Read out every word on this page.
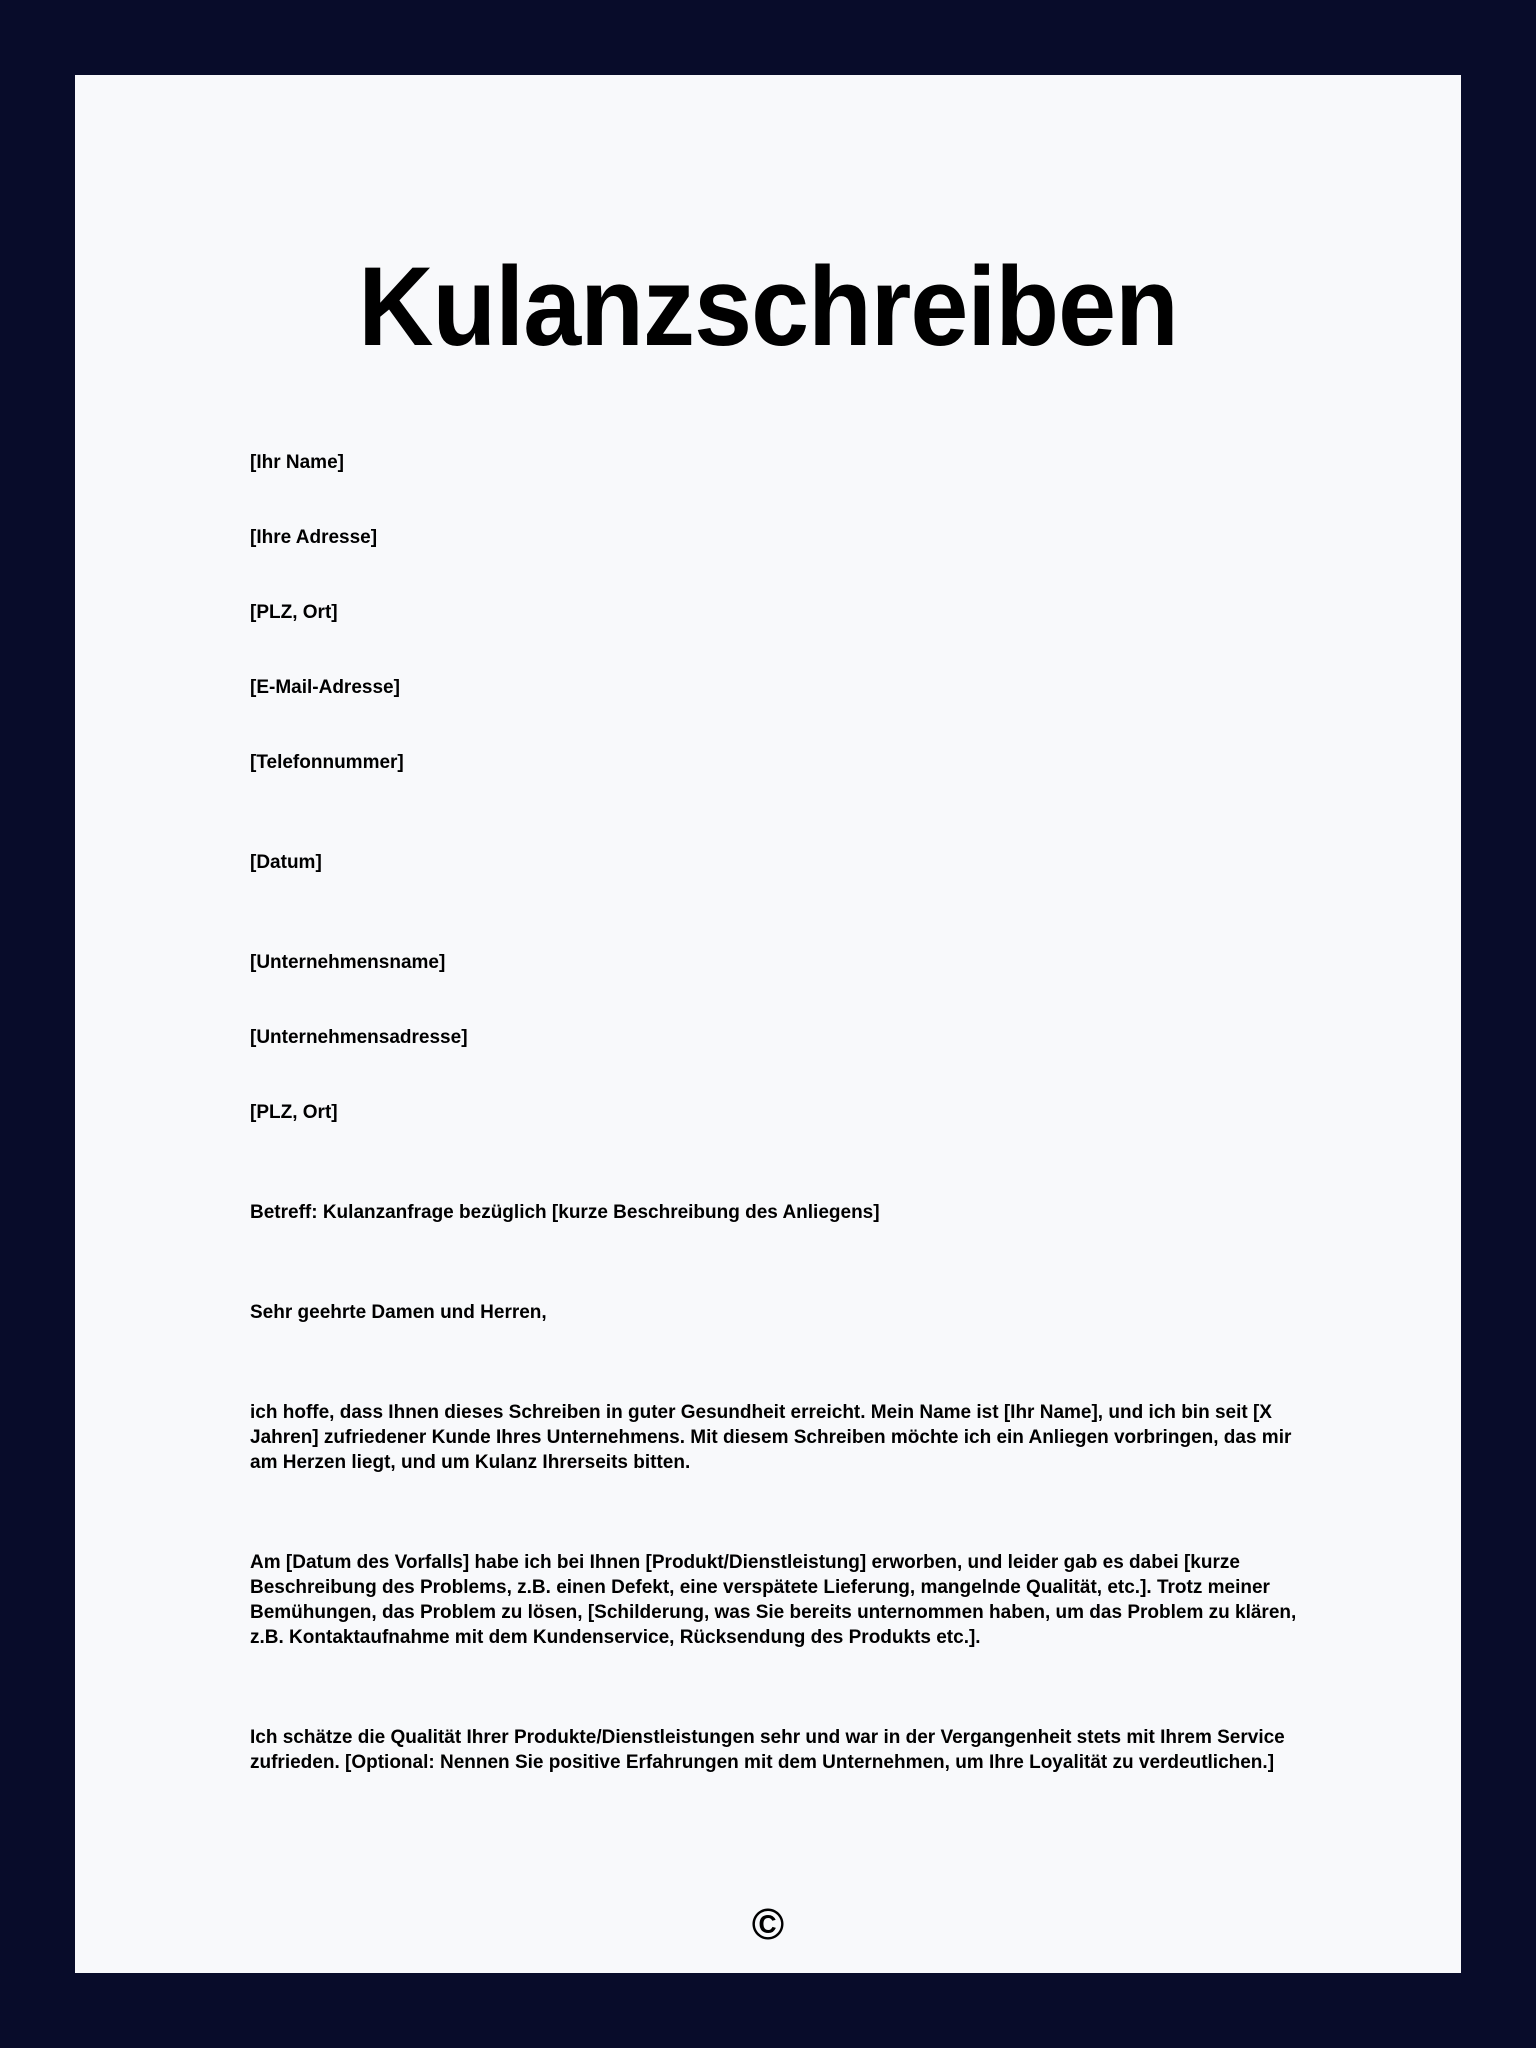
Kulanzschreiben

[Ihr Name]

[Ihre Adresse]

[PLZ, Ort]

[E-Mail-Adresse]

[Telefonnummer]

[Datum]

[Unternehmensname]

[Unternehmensadresse]

[PLZ, Ort]

Betreff: Kulanzanfrage bezüglich [kurze Beschreibung des Anliegens]

Sehr geehrte Damen und Herren,

ich hoffe, dass Ihnen dieses Schreiben in guter Gesundheit erreicht. Mein Name ist [Ihr Name], und ich bin seit [X Jahren] zufriedener Kunde Ihres Unternehmens. Mit diesem Schreiben möchte ich ein Anliegen vorbringen, das mir am Herzen liegt, und um Kulanz Ihrerseits bitten.

Am [Datum des Vorfalls] habe ich bei Ihnen [Produkt/Dienstleistung] erworben, und leider gab es dabei [kurze Beschreibung des Problems, z.B. einen Defekt, eine verspätete Lieferung, mangelnde Qualität, etc.]. Trotz meiner Bemühungen, das Problem zu lösen, [Schilderung, was Sie bereits unternommen haben, um das Problem zu klären, z.B. Kontaktaufnahme mit dem Kundenservice, Rücksendung des Produkts etc.].

Ich schätze die Qualität Ihrer Produkte/Dienstleistungen sehr und war in der Vergangenheit stets mit Ihrem Service zufrieden. [Optional: Nennen Sie positive Erfahrungen mit dem Unternehmen, um Ihre Loyalität zu verdeutlichen.]

©
